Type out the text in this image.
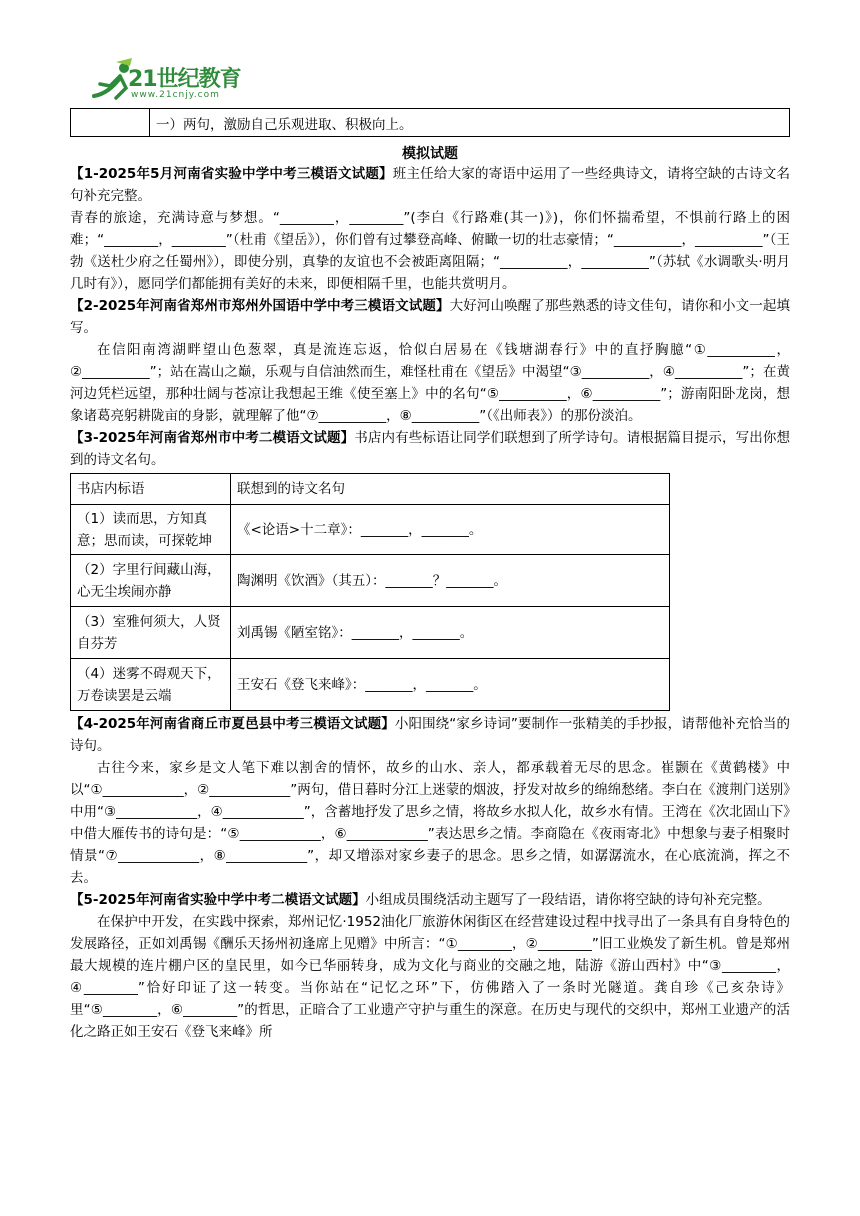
21世纪教育
www.21cnjy.com
	一）两句，激励自己乐观进取、积极向上。
模拟试题

【1-2025年5月河南省实验中学中考三模语文试题】班主任给大家的寄语中运用了一些经典诗文，请将空缺的古诗文名句补充完整。

青春的旅途，充满诗意与梦想。“________，________”(李白《行路难(其一)》)，你们怀揣希望，不惧前行路上的困难；“________，________”（杜甫《望岳》），你们曾有过攀登高峰、俯瞰一切的壮志豪情；“__________，__________”（王勃《送杜少府之任蜀州》），即使分别，真挚的友谊也不会被距离阻隔；“__________，__________”（苏轼《水调歌头·明月几时有》），愿同学们都能拥有美好的未来，即便相隔千里，也能共赏明月。

【2-2025年河南省郑州市郑州外国语中学中考三模语文试题】大好河山唤醒了那些熟悉的诗文佳句，请你和小文一起填写。

在信阳南湾湖畔望山色葱翠，真是流连忘返，恰似白居易在《钱塘湖春行》中的直抒胸臆“①__________，②__________”；站在嵩山之巅，乐观与自信油然而生，难怪杜甫在《望岳》中渴望“③__________，④__________”；在黄河边凭栏远望，那种壮阔与苍凉让我想起王维《使至塞上》中的名句“⑤__________，⑥__________”；游南阳卧龙岗，想象诸葛亮躬耕陇亩的身影，就理解了他“⑦__________，⑧__________”（《出师表》）的那份淡泊。

【3-2025年河南省郑州市中考二模语文试题】书店内有些标语让同学们联想到了所学诗句。请根据篇目提示，写出你想到的诗文名句。

书店内标语	联想到的诗文名句
（1）读而思，方知真意；思而读，可探乾坤	《<论语>十二章》：_______，_______。
（2）字里行间藏山海，心无尘埃闹亦静	陶渊明《饮酒》（其五）：_______？_______。
（3）室雅何须大，人贤自芬芳	刘禹锡《陋室铭》：_______，_______。
（4）迷雾不碍观天下，万卷读罢是云端	王安石《登飞来峰》：_______，_______。

【4-2025年河南省商丘市夏邑县中考三模语文试题】小阳围绕“家乡诗词”要制作一张精美的手抄报，请帮他补充恰当的诗句。

古往今来，家乡是文人笔下难以割舍的情怀，故乡的山水、亲人，都承载着无尽的思念。崔颢在《黄鹤楼》中以“①____________，②____________”两句，借日暮时分江上迷蒙的烟波，抒发对故乡的绵绵愁绪。李白在《渡荆门送别》中用“③____________，④____________”，含蓄地抒发了思乡之情，将故乡水拟人化，故乡水有情。王湾在《次北固山下》中借大雁传书的诗句是：“⑤____________，⑥____________”表达思乡之情。李商隐在《夜雨寄北》中想象与妻子相聚时情景“⑦____________，⑧____________”，却又增添对家乡妻子的思念。思乡之情，如潺潺流水，在心底流淌，挥之不去。

【5-2025年河南省实验中学中考二模语文试题】小组成员围绕活动主题写了一段结语，请你将空缺的诗句补充完整。

在保护中开发，在实践中探索，郑州记忆·1952油化厂旅游休闲街区在经营建设过程中找寻出了一条具有自身特色的发展路径，正如刘禹锡《酬乐天扬州初逢席上见赠》中所言：“①________，②________”旧工业焕发了新生机。曾是郑州最大规模的连片棚户区的皇民里，如今已华丽转身，成为文化与商业的交融之地，陆游《游山西村》中“③________，④________”恰好印证了这一转变。当你站在“记忆之环”下，仿佛踏入了一条时光隧道。龚自珍《己亥杂诗》里“⑤________，⑥________”的哲思，正暗合了工业遗产守护与重生的深意。在历史与现代的交织中，郑州工业遗产的活化之路正如王安石《登飞来峰》所
